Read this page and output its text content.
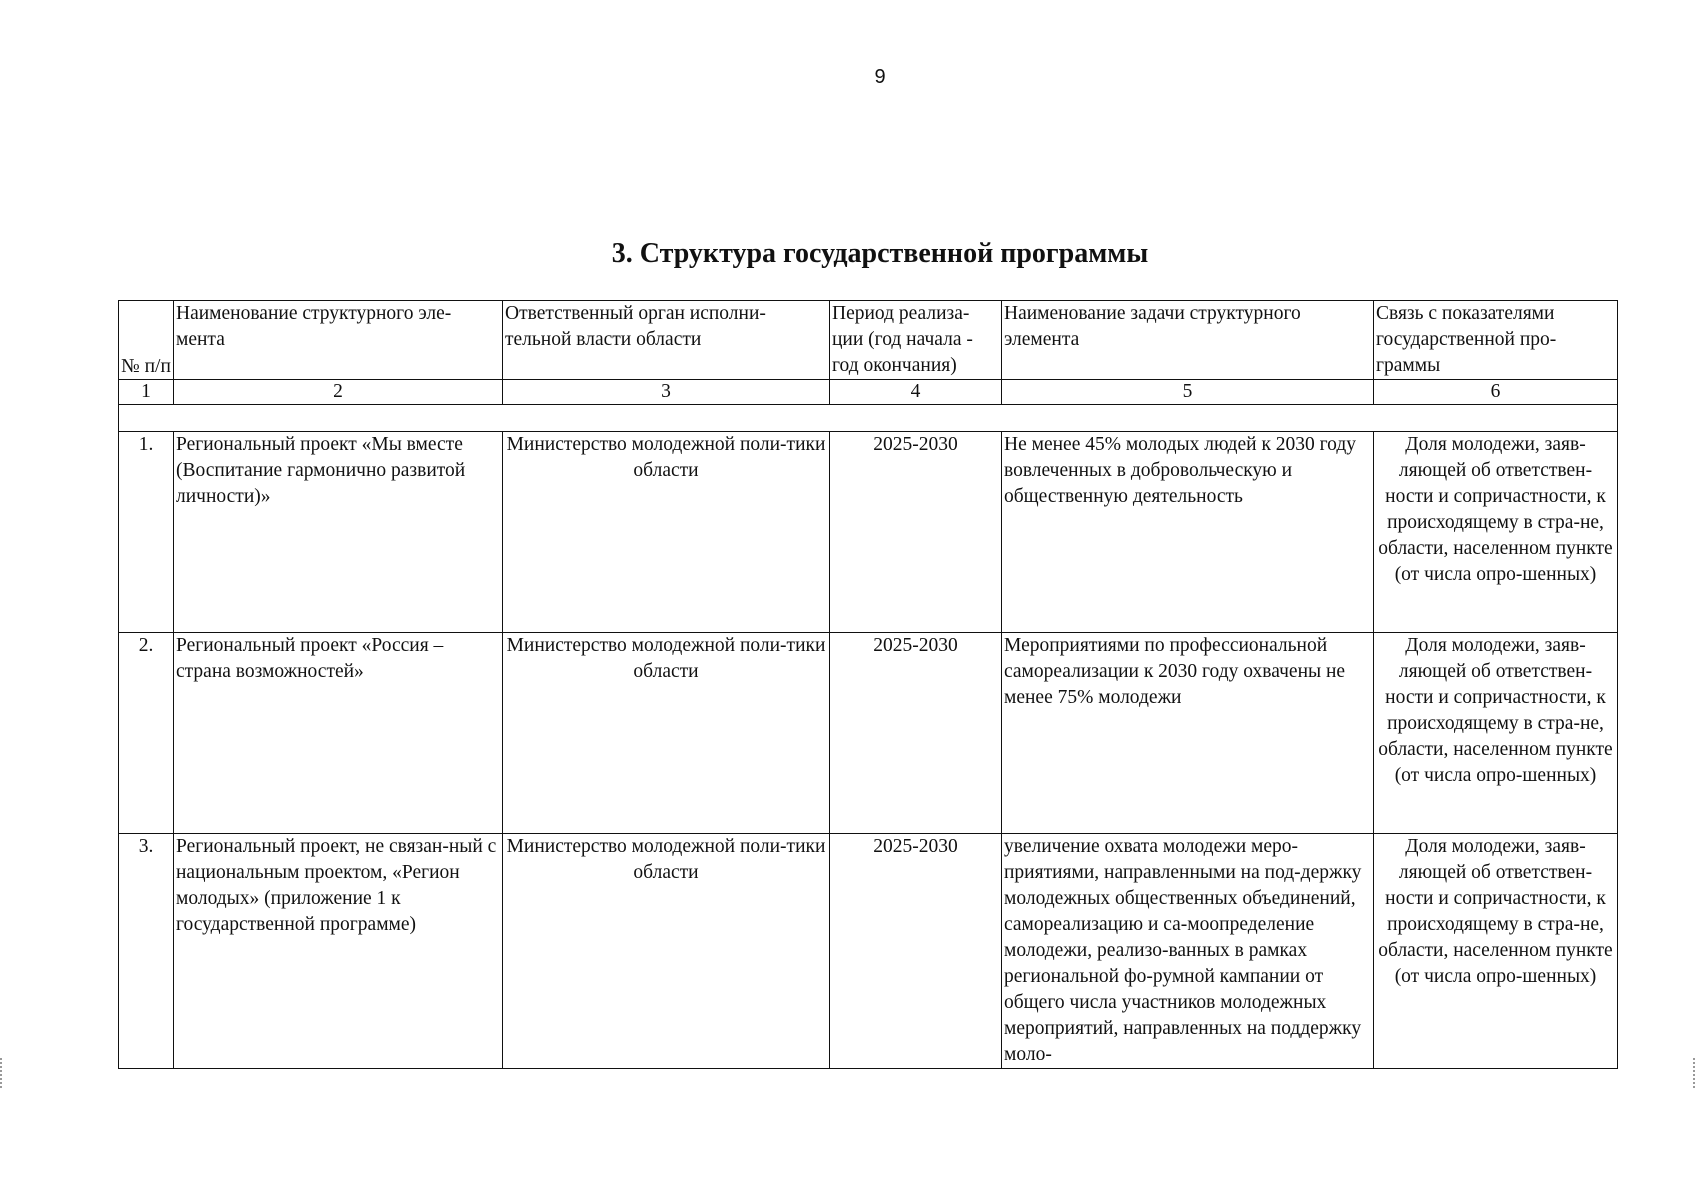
9
3. Структура государственной программы
№ п/п	Наименование структурного эле-мента	Ответственный орган исполни-тельной власти области	Период реализа-ции (год начала - год окончания)	Наименование задачи структурного элемента	Связь с показателями государственной про-граммы
1	2	3	4	5	6

1.	Региональный проект «Мы вместе (Воспитание гармонично развитой личности)»	Министерство молодежной поли-тики области	2025-2030	Не менее 45% молодых людей к 2030 году вовлеченных в добровольческую и общественную деятельность	Доля молодежи, заяв-ляющей об ответствен-ности и сопричастности, к происходящему в стра-не, области, населенном пункте (от числа опро-шенных)
2.	Региональный проект «Россия – страна возможностей»	Министерство молодежной поли-тики области	2025-2030	Мероприятиями по профессиональной самореализации к 2030 году охвачены не менее 75% молодежи	Доля молодежи, заяв-ляющей об ответствен-ности и сопричастности, к происходящему в стра-не, области, населенном пункте (от числа опро-шенных)
3.	Региональный проект, не связан-ный с национальным проектом, «Регион молодых» (приложение 1 к государственной программе)	Министерство молодежной поли-тики области	2025-2030	увеличение охвата молодежи меро-приятиями, направленными на под-держку молодежных общественных объединений, самореализацию и са-моопределение молодежи, реализо-ванных в рамках региональной фо-румной кампании от общего числа участников молодежных мероприятий, направленных на поддержку моло-	Доля молодежи, заяв-ляющей об ответствен-ности и сопричастности, к происходящему в стра-не, области, населенном пункте (от числа опро-шенных)
